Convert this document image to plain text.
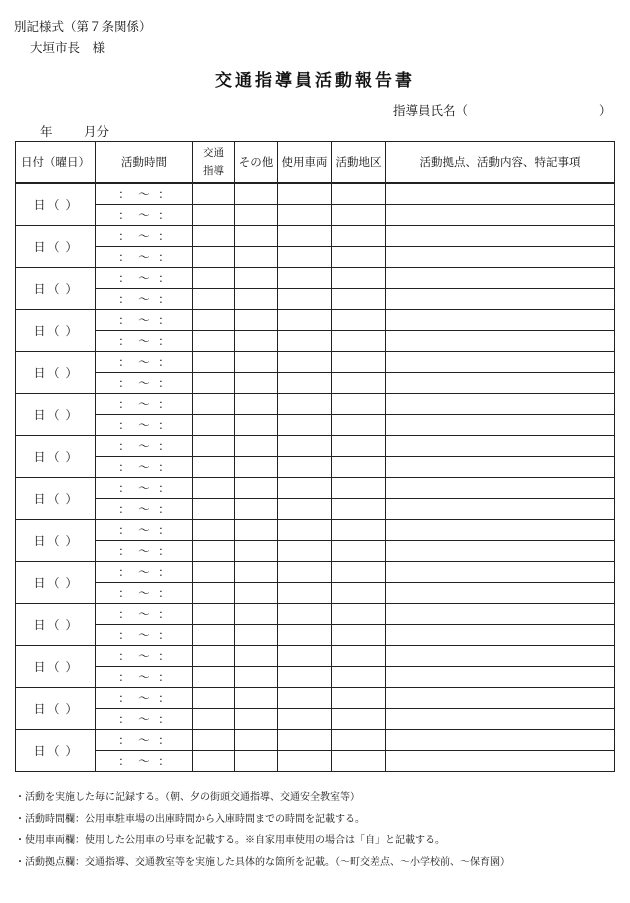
別記様式（第７条関係）
大垣市長　様
交通指導員活動報告書
指導員氏名（	）
年	月分
日付（曜日）	活動時間	交通指導	その他	使用車両	活動地区	活動拠点、活動内容、特記事項
日 （ ）	： 〜 ：					
	： 〜 ：					
日 （ ）	： 〜 ：					
	： 〜 ：					
日 （ ）	： 〜 ：					
	： 〜 ：					
日 （ ）	： 〜 ：					
	： 〜 ：					
日 （ ）	： 〜 ：					
	： 〜 ：					
日 （ ）	： 〜 ：					
	： 〜 ：					
日 （ ）	： 〜 ：					
	： 〜 ：					
日 （ ）	： 〜 ：					
	： 〜 ：					
日 （ ）	： 〜 ：					
	： 〜 ：					
日 （ ）	： 〜 ：					
	： 〜 ：					
日 （ ）	： 〜 ：					
	： 〜 ：					
日 （ ）	： 〜 ：					
	： 〜 ：					
日 （ ）	： 〜 ：					
	： 〜 ：					
日 （ ）	： 〜 ：					
	： 〜 ：					
・活動を実施した毎に記録する。（朝、夕の街頭交通指導、交通安全教室等）
・活動時間欄：公用車駐車場の出庫時間から入庫時間までの時間を記載する。
・使用車両欄：使用した公用車の号車を記載する。※自家用車使用の場合は「自」と記載する。
・活動拠点欄：交通指導、交通教室等を実施した具体的な箇所を記載。（〜町交差点、〜小学校前、〜保育園）
